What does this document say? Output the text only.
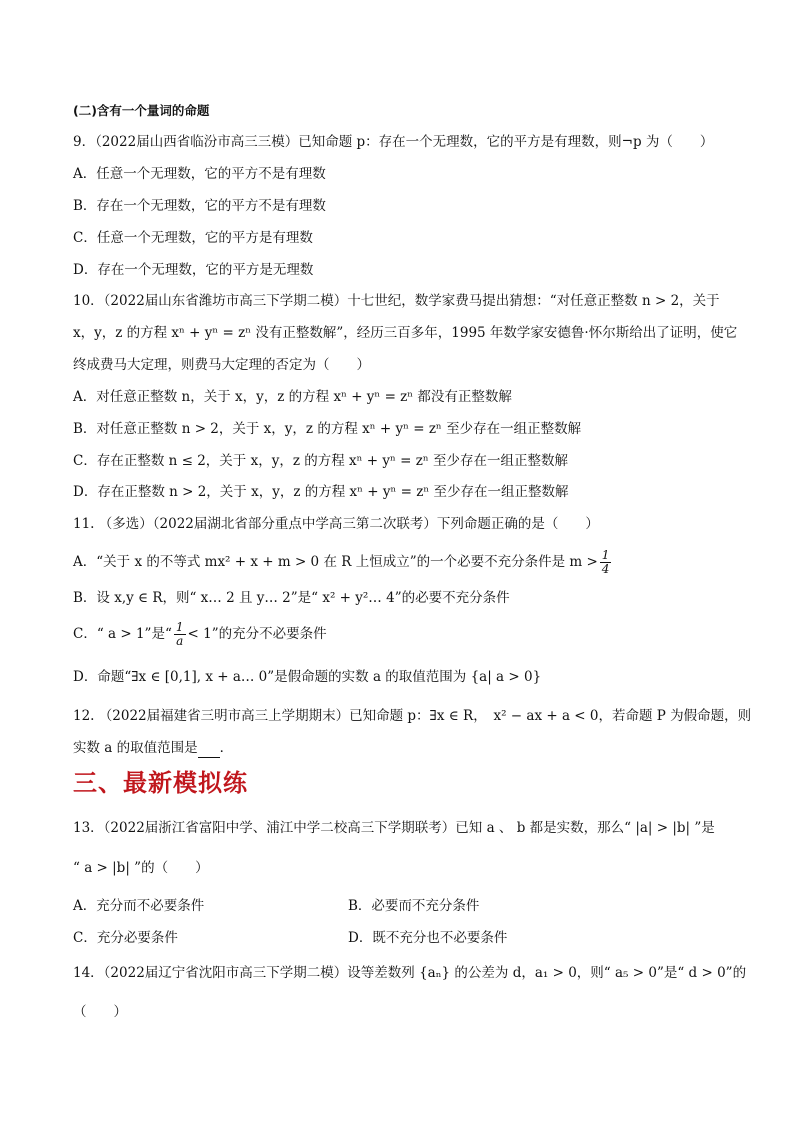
(二)含有一个量词的命题
9．（2022届山西省临汾市高三三模）已知命题 p：存在一个无理数，它的平方是有理数，则¬p 为（　　）
A．任意一个无理数，它的平方不是有理数
B．存在一个无理数，它的平方不是有理数
C．任意一个无理数，它的平方是有理数
D．存在一个无理数，它的平方是无理数
10．（2022届山东省潍坊市高三下学期二模）十七世纪，数学家费马提出猜想：“对任意正整数 n > 2，关于
x，y，z 的方程 xⁿ + yⁿ = zⁿ 没有正整数解”，经历三百多年，1995 年数学家安德鲁·怀尔斯给出了证明，使它
终成费马大定理，则费马大定理的否定为（　　）
A．对任意正整数 n，关于 x，y，z 的方程 xⁿ + yⁿ = zⁿ 都没有正整数解
B．对任意正整数 n > 2，关于 x，y，z 的方程 xⁿ + yⁿ = zⁿ 至少存在一组正整数解
C．存在正整数 n ≤ 2，关于 x，y，z 的方程 xⁿ + yⁿ = zⁿ 至少存在一组正整数解
D．存在正整数 n > 2，关于 x，y，z 的方程 xⁿ + yⁿ = zⁿ 至少存在一组正整数解
11. （多选）（2022届湖北省部分重点中学高三第二次联考）下列命题正确的是（　　）
A．“关于 x 的不等式 mx² + x + m > 0 在 R 上恒成立”的一个必要不充分条件是 $m > \frac{1}{4}$
B．设 x,y ∈ R，则“ x… 2 且 y… 2”是“ x² + y²… 4”的必要不充分条件
C．“ a > 1”是“ $\frac{1}{a} < 1$”的充分不必要条件
D．命题“∃x ∈ [0,1], x + a… 0”是假命题的实数 a 的取值范围为 {a| a > 0}
12. （2022届福建省三明市高三上学期期末）已知命题 p：∃x ∈ R，　x² − ax + a < 0，若命题 P 为假命题，则
实数 a 的取值范围是 ．
三、最新模拟练
13．（2022届浙江省富阳中学、浦江中学二校高三下学期联考）已知 a 、 b 都是实数，那么“ |a| > |b| ”是
“ a > |b| ”的（　　）
A．充分而不必要条件	B．必要而不充分条件
C．充分必要条件	D．既不充分也不必要条件
14．（2022届辽宁省沈阳市高三下学期二模）设等差数列 {aₙ} 的公差为 d，a₁ > 0，则“ a₅ > 0”是“ d > 0”的
（　　）
